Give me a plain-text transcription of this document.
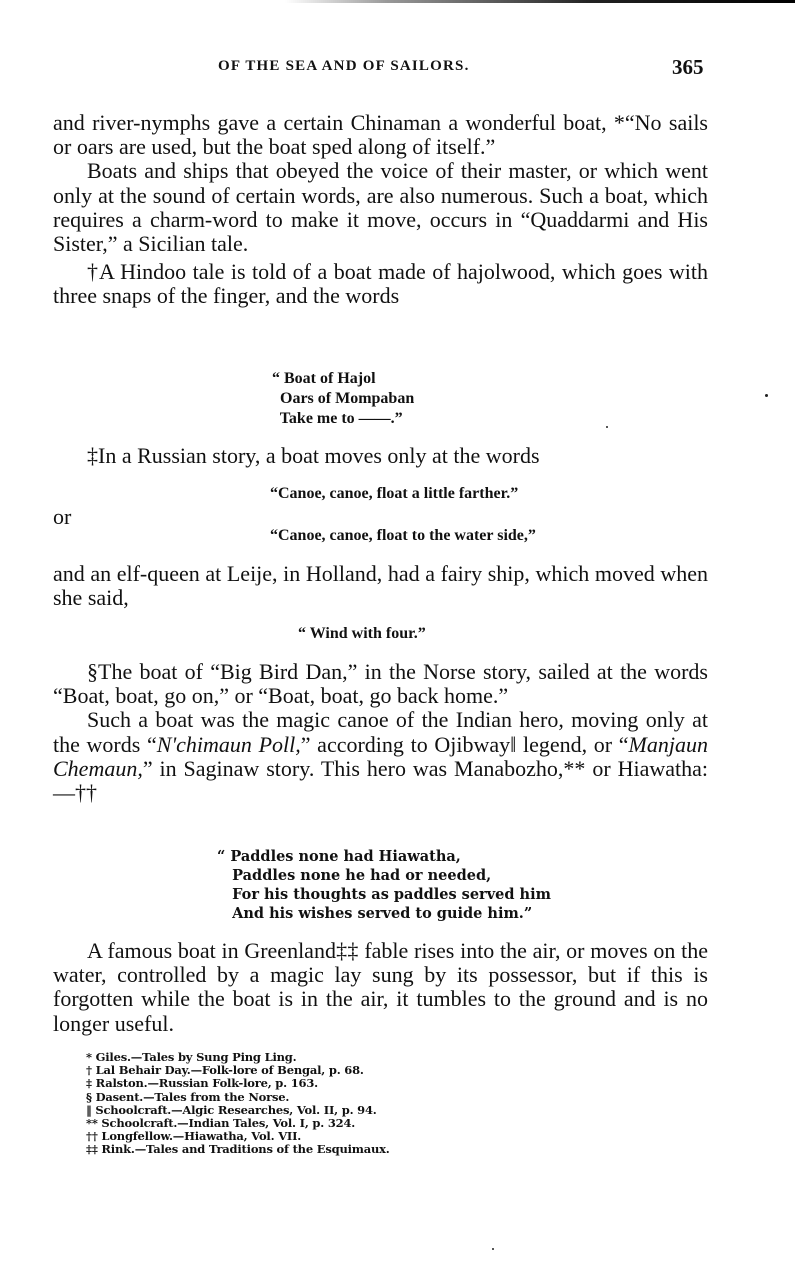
OF THE SEA AND OF SAILORS.	365

and river-nymphs gave a certain Chinaman a wonderful boat, *“No sails or oars are used, but the boat sped along of itself.”

Boats and ships that obeyed the voice of their master, or which went only at the sound of certain words, are also numerous. Such a boat, which requires a charm-word to make it move, occurs in “Quaddarmi and His Sister,” a Sicilian tale.

†A Hindoo tale is told of a boat made of hajolwood, which goes with three snaps of the finger, and the words

“ Boat of Hajol
Oars of Mompaban
Take me to ——.”

‡In a Russian story, a boat moves only at the words

“Canoe, canoe, float a little farther.”
or
“Canoe, canoe, float to the water side,”

and an elf-queen at Leije, in Holland, had a fairy ship, which moved when she said,

“ Wind with four.”

§The boat of “Big Bird Dan,” in the Norse story, sailed at the words “Boat, boat, go on,” or “Boat, boat, go back home.”

Such a boat was the magic canoe of the Indian hero, moving only at the words “N'chimaun Poll,” according to Ojibway‖ legend, or “Manjaun Chemaun,” in Saginaw story. This hero was Manabozho,** or Hiawatha:—††

“ Paddles none had Hiawatha,
Paddles none he had or needed,
For his thoughts as paddles served him
And his wishes served to guide him.”

A famous boat in Greenland‡‡ fable rises into the air, or moves on the water, controlled by a magic lay sung by its possessor, but if this is forgotten while the boat is in the air, it tumbles to the ground and is no longer useful.

* Giles.—Tales by Sung Ping Ling.
† Lal Behair Day.—Folk-lore of Bengal, p. 68.
‡ Ralston.—Russian Folk-lore, p. 163.
§ Dasent.—Tales from the Norse.
‖ Schoolcraft.—Algic Researches, Vol. II, p. 94.
** Schoolcraft.—Indian Tales, Vol. I, p. 324.
†† Longfellow.—Hiawatha, Vol. VII.
‡‡ Rink.—Tales and Traditions of the Esquimaux.
